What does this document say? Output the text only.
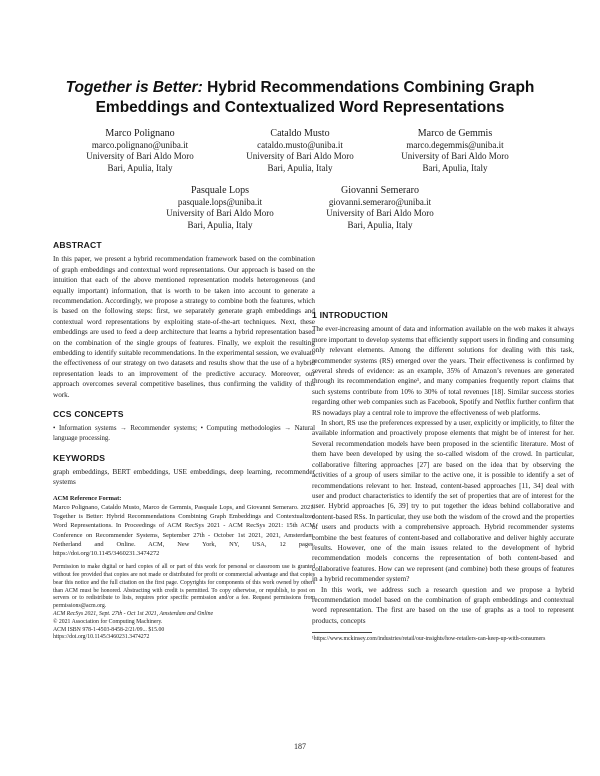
Together is Better: Hybrid Recommendations Combining Graph Embeddings and Contextualized Word Representations
Marco Polignano
marco.polignano@uniba.it
University of Bari Aldo Moro
Bari, Apulia, Italy
Cataldo Musto
cataldo.musto@uniba.it
University of Bari Aldo Moro
Bari, Apulia, Italy
Marco de Gemmis
marco.degemmis@uniba.it
University of Bari Aldo Moro
Bari, Apulia, Italy
Pasquale Lops
pasquale.lops@uniba.it
University of Bari Aldo Moro
Bari, Apulia, Italy
Giovanni Semeraro
giovanni.semeraro@uniba.it
University of Bari Aldo Moro
Bari, Apulia, Italy
ABSTRACT

In this paper, we present a hybrid recommendation framework based on the combination of graph embeddings and contextual word representations. Our approach is based on the intuition that each of the above mentioned representation models heterogeneous (and equally important) information, that is worth to be taken into account to generate a recommendation. Accordingly, we propose a strategy to combine both the features, which is based on the following steps: first, we separately generate graph embeddings and contextual word representations by exploiting state-of-the-art techniques. Next, these embeddings are used to feed a deep architecture that learns a hybrid representation based on the combination of the single groups of features. Finally, we exploit the resulting embedding to identify suitable recommendations. In the experimental session, we evaluate the effectiveness of our strategy on two datasets and results show that the use of a hybrid representation leads to an improvement of the predictive accuracy. Moreover, our approach overcomes several competitive baselines, thus confirming the validity of this work.

CCS CONCEPTS

• Information systems → Recommender systems; • Computing methodologies → Natural language processing.

KEYWORDS

graph embeddings, BERT embeddings, USE embeddings, deep learning, recommender systems

ACM Reference Format:

Marco Polignano, Cataldo Musto, Marco de Gemmis, Pasquale Lops, and Giovanni Semeraro. 2021. Together is Better: Hybrid Recommendations Combining Graph Embeddings and Contextualized Word Representations. In Proceedings of ACM RecSys 2021 - ACM RecSys 2021: 15th ACM Conference on Recommender Systems, September 27th - October 1st 2021, 2021, Amsterdam, Netherland and Online. ACM, New York, NY, USA, 12 pages. https://doi.org/10.1145/3460231.3474272

Permission to make digital or hard copies of all or part of this work for personal or classroom use is granted without fee provided that copies are not made or distributed for profit or commercial advantage and that copies bear this notice and the full citation on the first page. Copyrights for components of this work owned by others than ACM must be honored. Abstracting with credit is permitted. To copy otherwise, or republish, to post on servers or to redistribute to lists, requires prior specific permission and/or a fee. Request permissions from permissions@acm.org.

ACM RecSys 2021, Sept. 27th - Oct 1st 2021, Amsterdam and Online
© 2021 Association for Computing Machinery.
ACM ISBN 978-1-4503-8458-2/21/09... $15.00
https://doi.org/10.1145/3460231.3474272
1 INTRODUCTION

The ever-increasing amount of data and information available on the web makes it always more important to develop systems that efficiently support users in finding and consuming only relevant elements. Among the different solutions for dealing with this task, recommender systems (RS) emerged over the years. Their effectiveness is confirmed by several shreds of evidence: as an example, 35% of Amazon’s revenues are generated through its recommendation engine¹, and many companies frequently report claims that such systems contribute from 10% to 30% of total revenues [18]. Similar success stories regarding other web companies such as Facebook, Spotify and Netflix further confirm that RS nowadays play a central role to improve the effectiveness of web platforms.

In short, RS use the preferences expressed by a user, explicitly or implicitly, to filter the available information and proactively propose elements that might be of interest for her. Several recommendation models have been proposed in the scientific literature. Most of them have been developed by using the so-called wisdom of the crowd. In particular, collaborative filtering approaches [27] are based on the idea that by observing the activities of a group of users similar to the active one, it is possible to identify a set of recommendations relevant to her. Instead, content-based approaches [11, 34] deal with user and product characteristics to identify the set of properties that are of interest for the user. Hybrid approaches [6, 39] try to put together the ideas behind collaborative and content-based RSs. In particular, they use both the wisdom of the crowd and the properties of users and products with a comprehensive approach. Hybrid recommender systems combine the best features of content-based and collaborative and deliver highly accurate results. However, one of the main issues related to the development of hybrid recommendation models concerns the representation of both content-based and collaborative features. How can we represent (and combine) both these groups of features in a hybrid recommender system?

In this work, we address such a research question and we propose a hybrid recommendation model based on the combination of graph embeddings and contextual word representation. The first are based on the use of graphs as a tool to represent products, concepts

¹https://www.mckinsey.com/industries/retail/our-insights/how-retailers-can-keep-up-with-consumers
187
